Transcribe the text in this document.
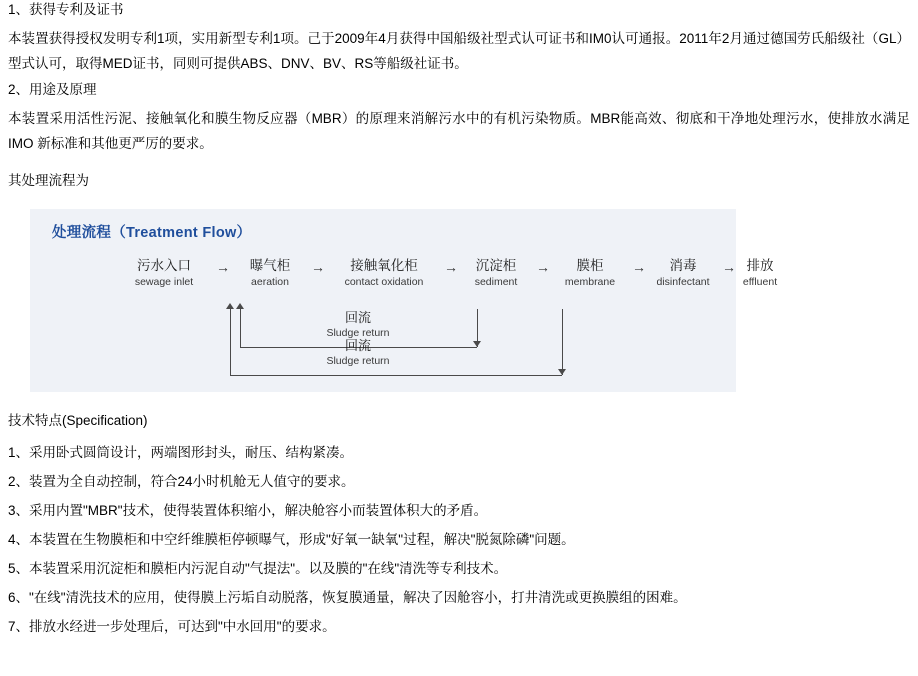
1、获得专利及证书

本装置获得授权发明专利1项，实用新型专利1项。己于2009年4月获得中国船级社型式认可证书和IM0认可通报。2011年2月通过德国劳氏船级社（GL）型式认可，取得MED证书，同则可提供ABS、DNV、BV、RS等船级社证书。

2、用途及原理

本装置采用活性污泥、接触氧化和膜生物反应器（MBR）的原理来消解污水中的有机污染物质。MBR能高效、彻底和干净地处理污水，使排放水满足IMO 新标准和其他更严厉的要求。

其处理流程为

处理流程（Treatment Flow）
污水入口
sewage inlet
→	曝气柜
aeration
→	接触氧化柜
contact oxidation
→	沉淀柜
sediment
→	膜柜
membrane
→	消毒
disinfectant
→ 排放
effluent
回流
Sludge return
回流
Sludge return

技术特点(Specification)

1、采用卧式圆筒设计，两端图形封头，耐压、结构紧凑。

2、装置为全自动控制，符合24小时机舱无人值守的要求。

3、采用内置"MBR"技术，使得装置体积缩小，解决舱容小而装置体积大的矛盾。

4、本装置在生物膜柜和中空纤维膜柜停顿曝气，形成"好氧一缺氧"过程，解决"脱氮除磷"问题。

5、本装置采用沉淀柜和膜柜内污泥自动"气提法"。以及膜的"在线"清洗等专利技术。

6、"在线"清洗技术的应用，使得膜上污垢自动脱落，恢复膜通量，解决了因舱容小，打井清洗或更换膜组的困难。

7、排放水经进一步处理后，可达到"中水回用"的要求。
